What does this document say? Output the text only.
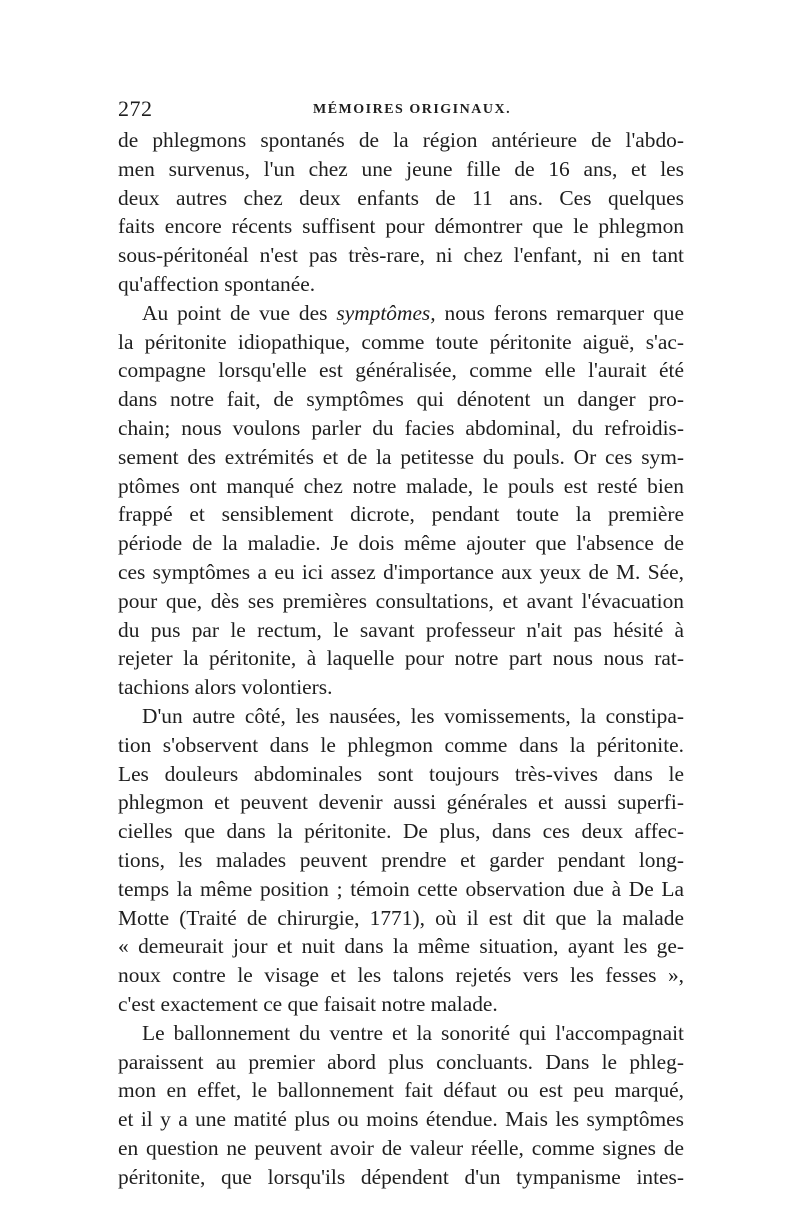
272	MÉMOIRES ORIGINAUX.

de phlegmons spontanés de la région antérieure de l'abdo-
men survenus, l'un chez une jeune fille de 16 ans, et les
deux autres chez deux enfants de 11 ans. Ces quelques
faits encore récents suffisent pour démontrer que le phlegmon
sous-péritonéal n'est pas très-rare, ni chez l'enfant, ni en tant
qu'affection spontanée.

Au point de vue des symptômes, nous ferons remarquer que
la péritonite idiopathique, comme toute péritonite aiguë, s'ac-
compagne lorsqu'elle est généralisée, comme elle l'aurait été
dans notre fait, de symptômes qui dénotent un danger pro-
chain; nous voulons parler du facies abdominal, du refroidis-
sement des extrémités et de la petitesse du pouls. Or ces sym-
ptômes ont manqué chez notre malade, le pouls est resté bien
frappé et sensiblement dicrote, pendant toute la première
période de la maladie. Je dois même ajouter que l'absence de
ces symptômes a eu ici assez d'importance aux yeux de M. Sée,
pour que, dès ses premières consultations, et avant l'évacuation
du pus par le rectum, le savant professeur n'ait pas hésité à
rejeter la péritonite, à laquelle pour notre part nous nous rat-
tachions alors volontiers.

D'un autre côté, les nausées, les vomissements, la constipa-
tion s'observent dans le phlegmon comme dans la péritonite.
Les douleurs abdominales sont toujours très-vives dans le
phlegmon et peuvent devenir aussi générales et aussi superfi-
cielles que dans la péritonite. De plus, dans ces deux affec-
tions, les malades peuvent prendre et garder pendant long-
temps la même position ; témoin cette observation due à De La
Motte (Traité de chirurgie, 1771), où il est dit que la malade
« demeurait jour et nuit dans la même situation, ayant les ge-
noux contre le visage et les talons rejetés vers les fesses »,
c'est exactement ce que faisait notre malade.

Le ballonnement du ventre et la sonorité qui l'accompagnait
paraissent au premier abord plus concluants. Dans le phleg-
mon en effet, le ballonnement fait défaut ou est peu marqué,
et il y a une matité plus ou moins étendue. Mais les symptômes
en question ne peuvent avoir de valeur réelle, comme signes de
péritonite, que lorsqu'ils dépendent d'un tympanisme intes-
